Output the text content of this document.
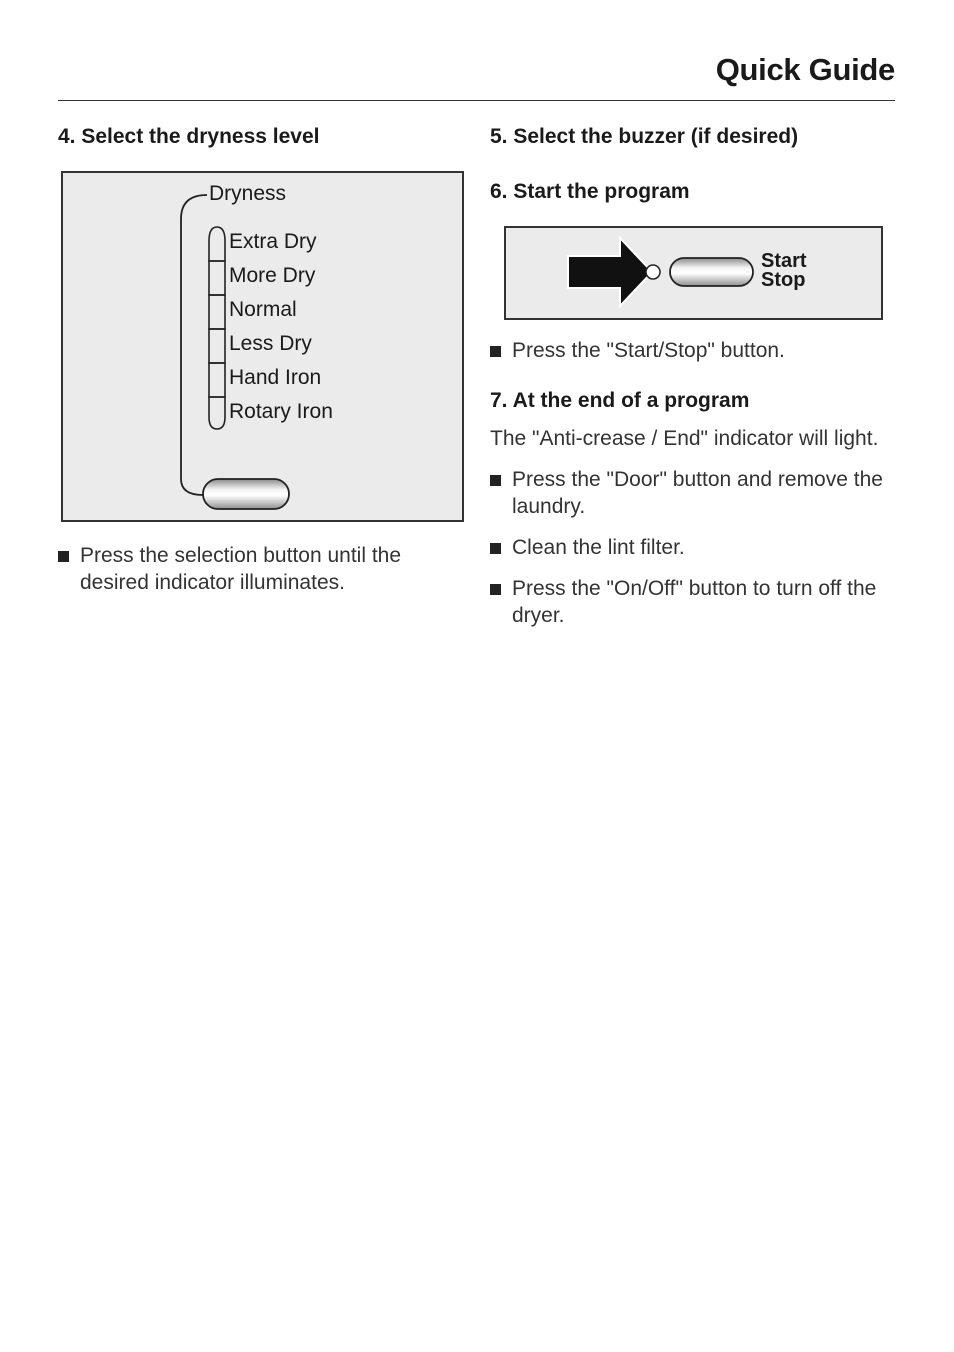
Quick Guide
4. Select the dryness level
Dryness
Extra Dry
More Dry
Normal
Less Dry
Hand Iron
Rotary Iron
Press the selection button until the desired indicator illuminates.
5. Select the buzzer (if desired)
6. Start the program
Start
Stop
Press the "Start/Stop" button.
7. At the end of a program

The "Anti-crease / End" indicator will light.

Press the "Door" button and remove the laundry.
Clean the lint filter.
Press the "On/Off" button to turn off the dryer.
